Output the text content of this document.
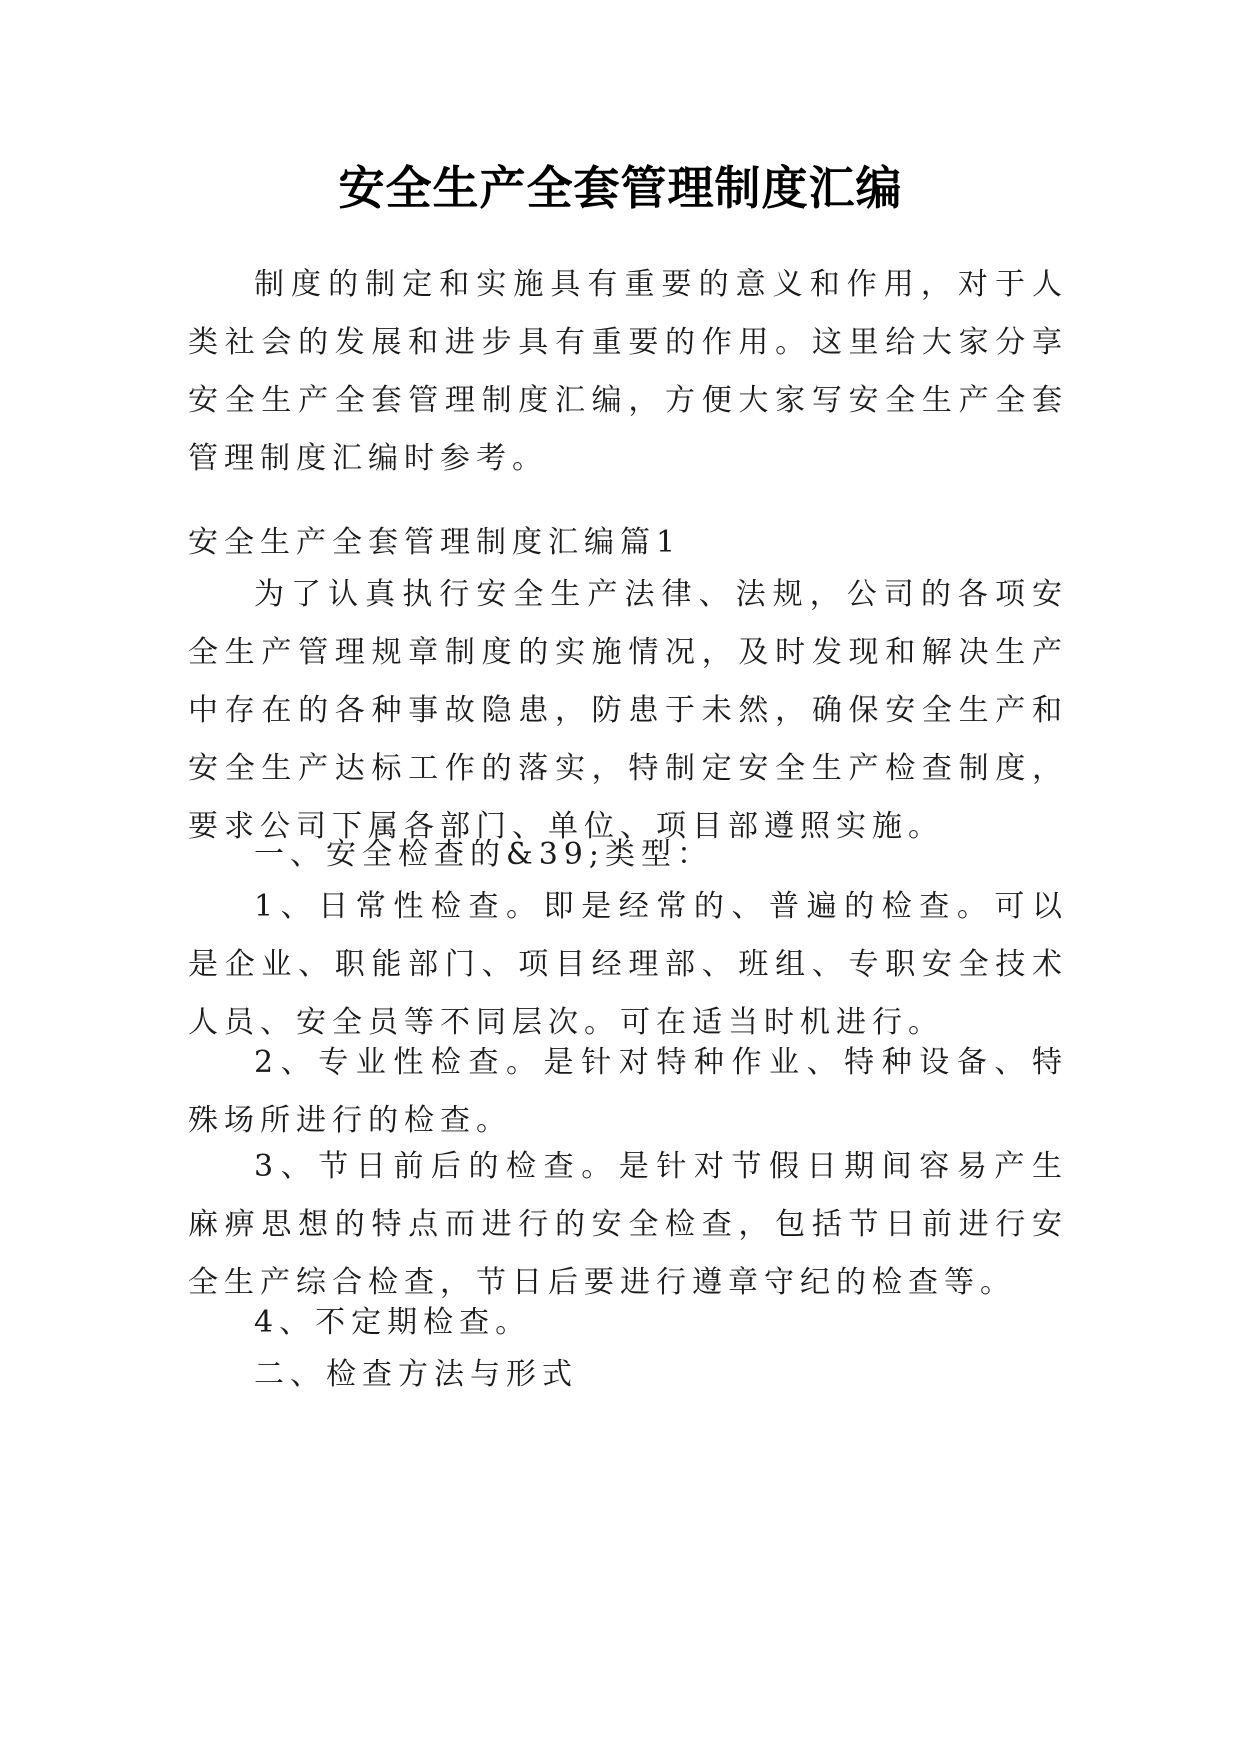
安全生产全套管理制度汇编

制度的制定和实施具有重要的意义和作用，对于人类社会的发展和进步具有重要的作用。这里给大家分享安全生产全套管理制度汇编，方便大家写安全生产全套管理制度汇编时参考。

安全生产全套管理制度汇编篇1

为了认真执行安全生产法律、法规，公司的各项安全生产管理规章制度的实施情况，及时发现和解决生产中存在的各种事故隐患，防患于未然，确保安全生产和安全生产达标工作的落实，特制定安全生产检查制度，要求公司下属各部门、单位、项目部遵照实施。

一、安全检查的&39;类型：

1、日常性检查。即是经常的、普遍的检查。可以是企业、职能部门、项目经理部、班组、专职安全技术人员、安全员等不同层次。可在适当时机进行。

2、专业性检查。是针对特种作业、特种设备、特殊场所进行的检查。

3、节日前后的检查。是针对节假日期间容易产生麻痹思想的特点而进行的安全检查，包括节日前进行安全生产综合检查，节日后要进行遵章守纪的检查等。

4、不定期检查。

二、检查方法与形式
